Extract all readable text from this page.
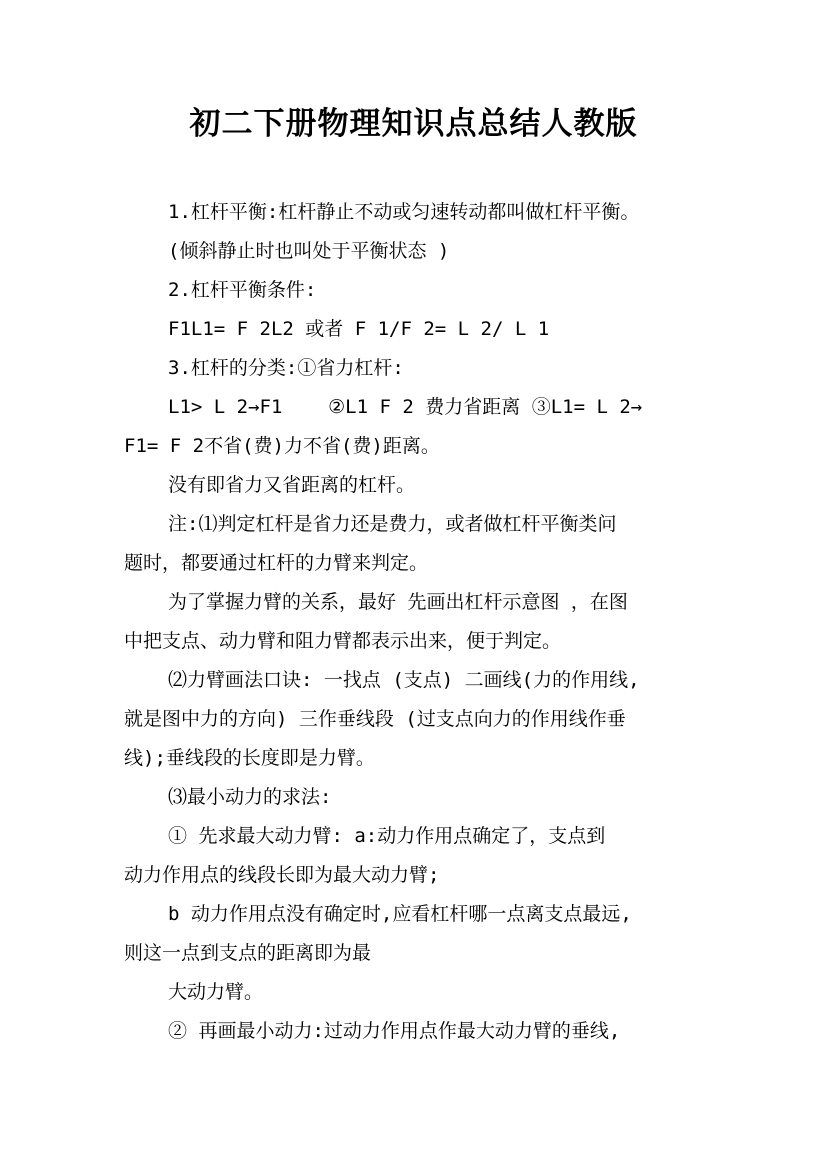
初二下册物理知识点总结人教版

1.杠杆平衡:杠杆静止不动或匀速转动都叫做杠杆平衡。

(倾斜静止时也叫处于平衡状态 )

2.杠杆平衡条件:

F1L1= F 2L2 或者 F 1/F 2= L 2/ L 1

3.杠杆的分类:①省力杠杆:

L1> L 2→F1    ②L1 F 2 费力省距离 ③L1= L 2→

F1= F 2不省(费)力不省(费)距离。

没有即省力又省距离的杠杆。

注:⑴判定杠杆是省力还是费力，或者做杠杆平衡类问

题时，都要通过杠杆的力臂来判定。

为了掌握力臂的关系，最好 先画出杠杆示意图 ，在图

中把支点、动力臂和阻力臂都表示出来，便于判定。

⑵力臂画法口诀: 一找点 (支点) 二画线(力的作用线,

就是图中力的方向) 三作垂线段 (过支点向力的作用线作垂

线);垂线段的长度即是力臂。

⑶最小动力的求法:

① 先求最大动力臂: a:动力作用点确定了，支点到

动力作用点的线段长即为最大动力臂;

b 动力作用点没有确定时,应看杠杆哪一点离支点最远,

则这一点到支点的距离即为最

大动力臂。

② 再画最小动力:过动力作用点作最大动力臂的垂线,
